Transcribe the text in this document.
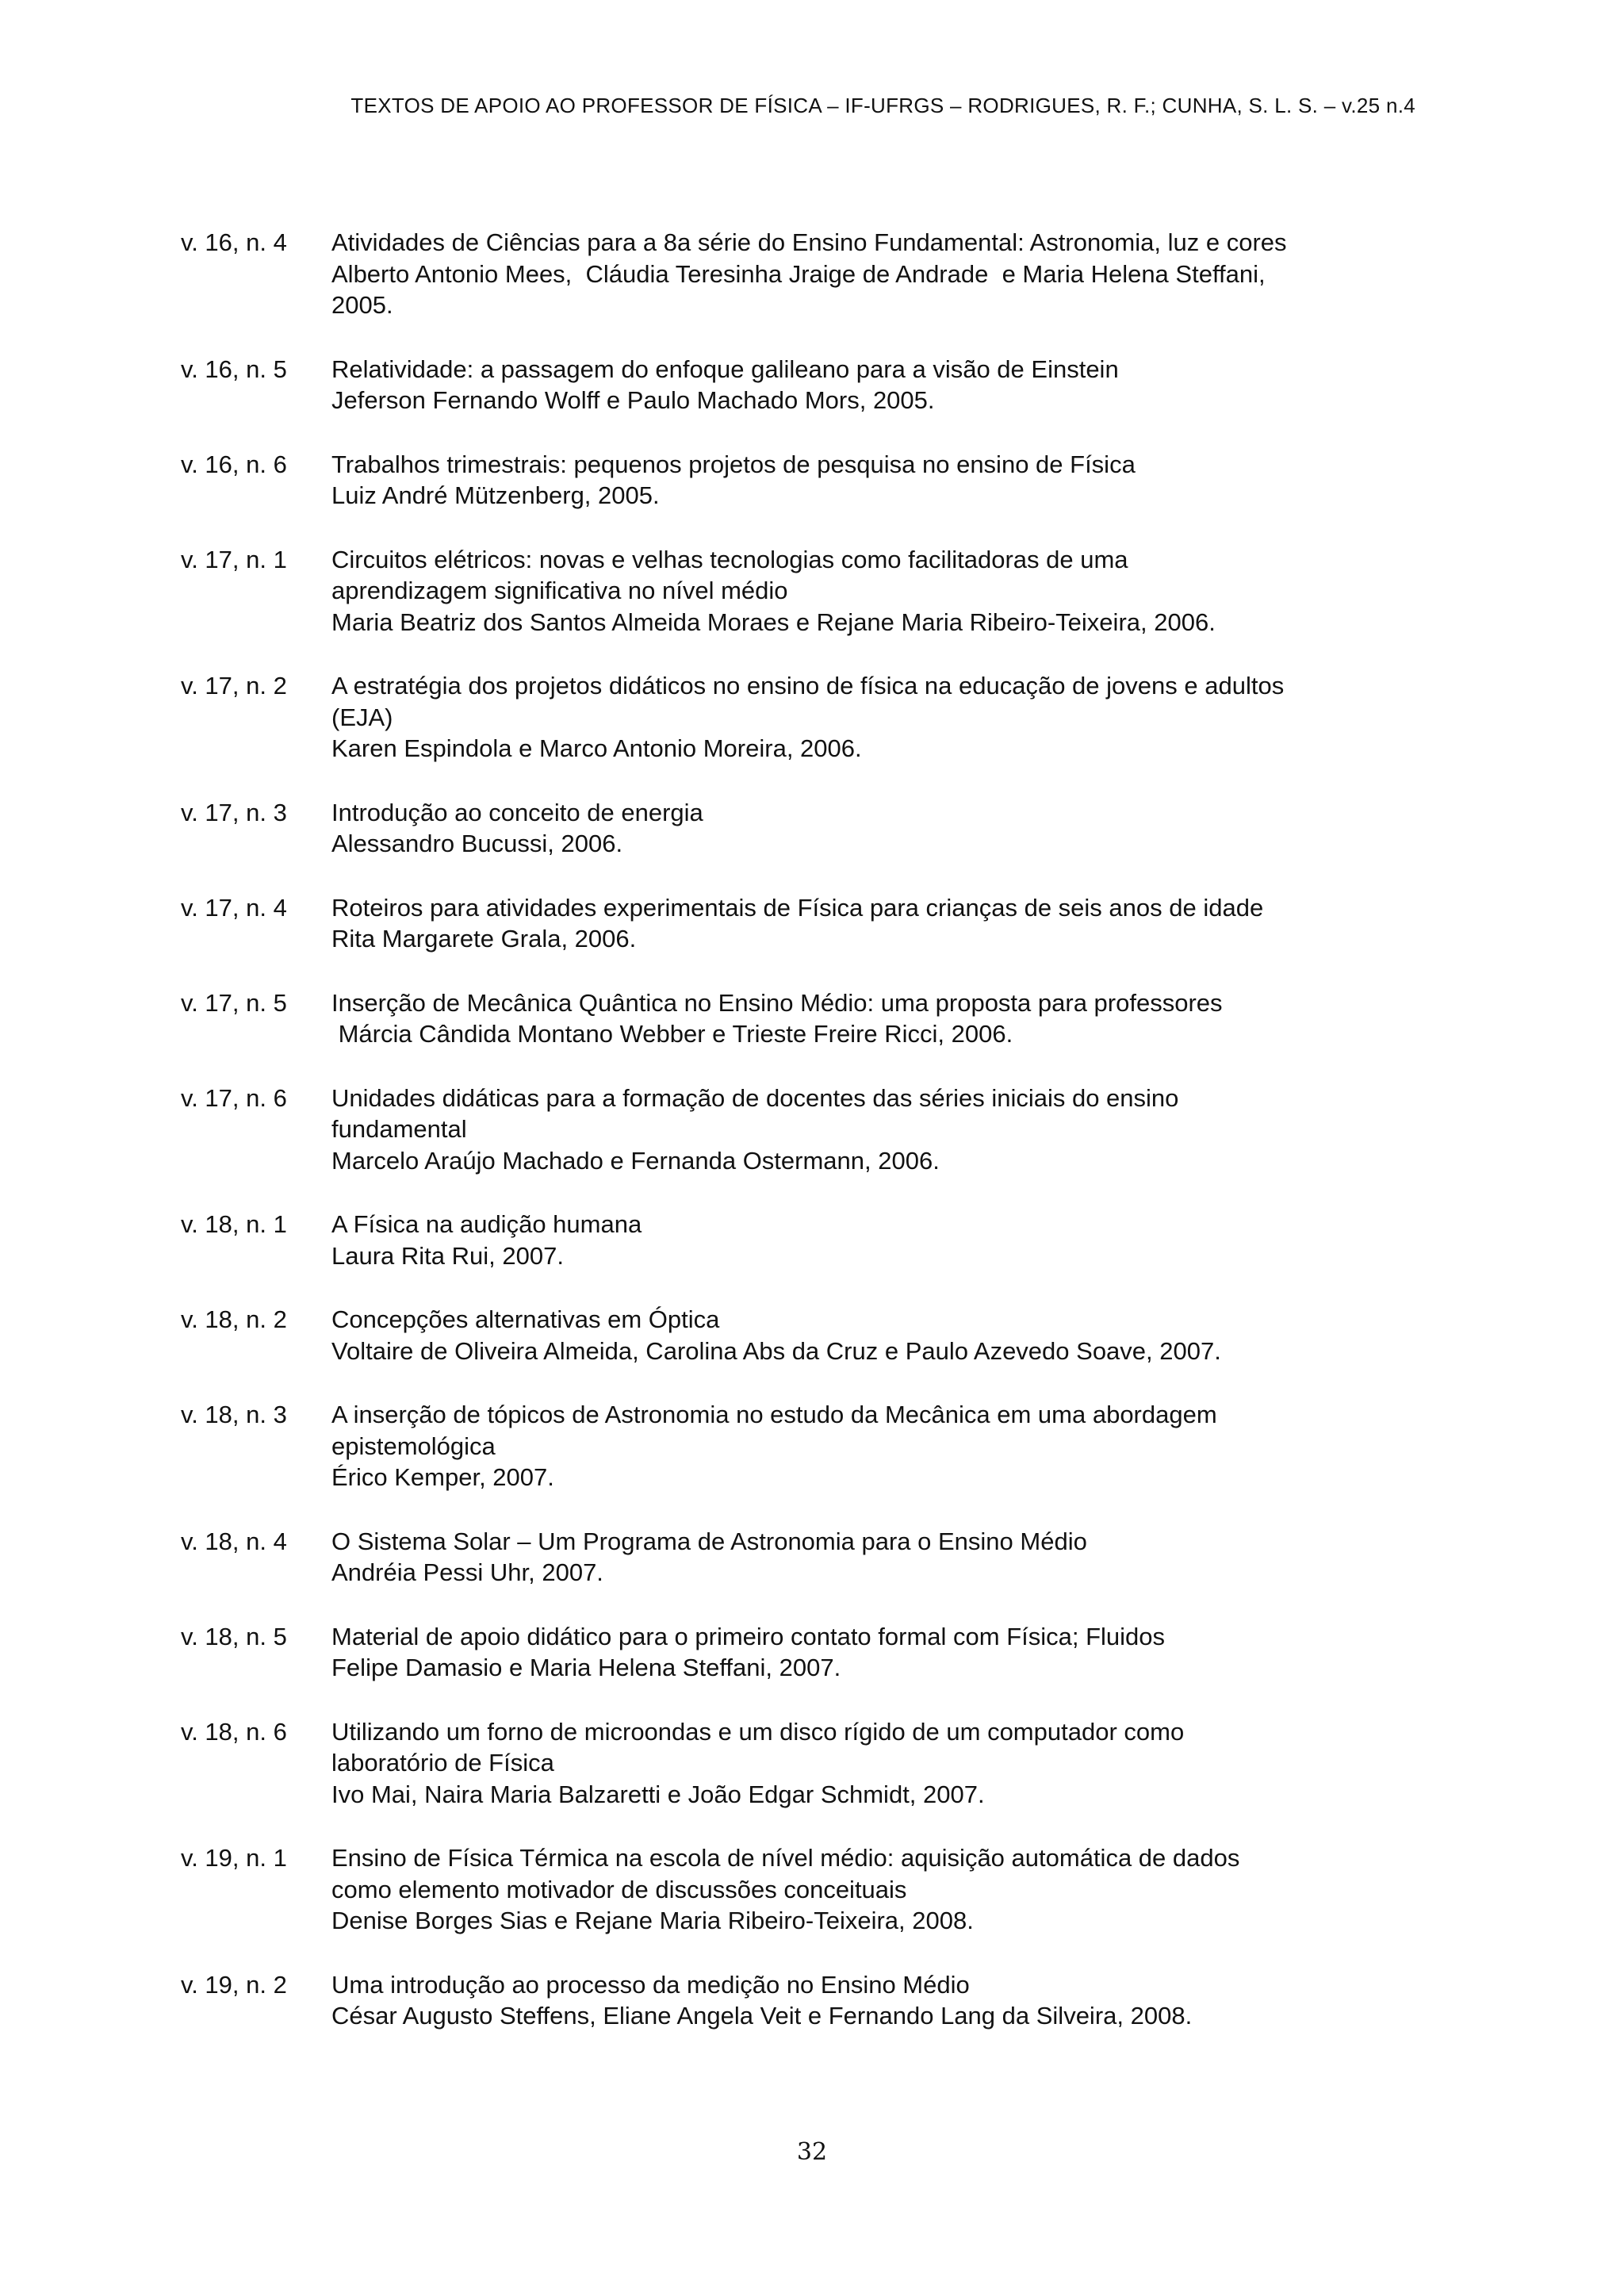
TEXTOS DE APOIO AO PROFESSOR DE FÍSICA – IF-UFRGS – RODRIGUES, R. F.; CUNHA, S. L. S. – v.25 n.4
v. 16, n. 4	Atividades de Ciências para a 8a série do Ensino Fundamental: Astronomia, luz e cores
Alberto Antonio Mees,  Cláudia Teresinha Jraige de Andrade  e Maria Helena Steffani,
2005.
v. 16, n. 5	Relatividade: a passagem do enfoque galileano para a visão de Einstein
Jeferson Fernando Wolff e Paulo Machado Mors, 2005.
v. 16, n. 6	Trabalhos trimestrais: pequenos projetos de pesquisa no ensino de Física
Luiz André Mützenberg, 2005.
v. 17, n. 1	Circuitos elétricos: novas e velhas tecnologias como facilitadoras de uma
aprendizagem significativa no nível médio
Maria Beatriz dos Santos Almeida Moraes e Rejane Maria Ribeiro-Teixeira, 2006.
v. 17, n. 2	A estratégia dos projetos didáticos no ensino de física na educação de jovens e adultos
(EJA)
Karen Espindola e Marco Antonio Moreira, 2006.
v. 17, n. 3	Introdução ao conceito de energia
Alessandro Bucussi, 2006.
v. 17, n. 4	Roteiros para atividades experimentais de Física para crianças de seis anos de idade
Rita Margarete Grala, 2006.
v. 17, n. 5	Inserção de Mecânica Quântica no Ensino Médio: uma proposta para professores
Márcia Cândida Montano Webber e Trieste Freire Ricci, 2006.
v. 17, n. 6	Unidades didáticas para a formação de docentes das séries iniciais do ensino
fundamental
Marcelo Araújo Machado e Fernanda Ostermann, 2006.
v. 18, n. 1	A Física na audição humana
Laura Rita Rui, 2007.
v. 18, n. 2	Concepções alternativas em Óptica
Voltaire de Oliveira Almeida, Carolina Abs da Cruz e Paulo Azevedo Soave, 2007.
v. 18, n. 3	A inserção de tópicos de Astronomia no estudo da Mecânica em uma abordagem
epistemológica
Érico Kemper, 2007.
v. 18, n. 4	O Sistema Solar – Um Programa de Astronomia para o Ensino Médio
Andréia Pessi Uhr, 2007.
v. 18, n. 5	Material de apoio didático para o primeiro contato formal com Física; Fluidos
Felipe Damasio e Maria Helena Steffani, 2007.
v. 18, n. 6	Utilizando um forno de microondas e um disco rígido de um computador como
laboratório de Física
Ivo Mai, Naira Maria Balzaretti e João Edgar Schmidt, 2007.
v. 19, n. 1	Ensino de Física Térmica na escola de nível médio: aquisição automática de dados
como elemento motivador de discussões conceituais
Denise Borges Sias e Rejane Maria Ribeiro-Teixeira, 2008.
v. 19, n. 2	Uma introdução ao processo da medição no Ensino Médio
César Augusto Steffens, Eliane Angela Veit e Fernando Lang da Silveira, 2008.
32
